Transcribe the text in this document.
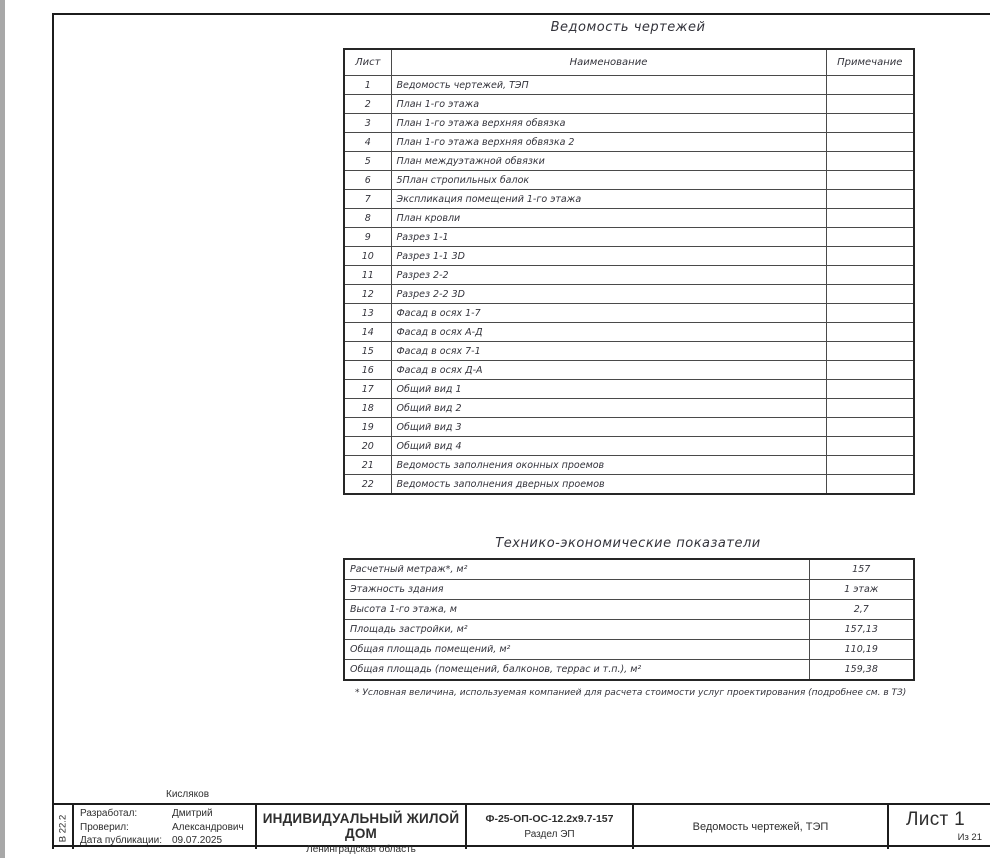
Ведомость чертежей
Лист	Наименование	Примечание
1	Ведомость чертежей, ТЭП	
2	План 1-го этажа	
3	План 1-го этажа верхняя обвязка	
4	План 1-го этажа верхняя обвязка 2	
5	План междуэтажной обвязки	
6	5План стропильных балок	
7	Экспликация помещений 1-го этажа	
8	План кровли	
9	Разрез 1-1	
10	Разрез 1-1 3D	
11	Разрез 2-2	
12	Разрез 2-2 3D	
13	Фасад в осях 1-7	
14	Фасад в осях А-Д	
15	Фасад в осях 7-1	
16	Фасад в осях Д-А	
17	Общий вид 1	
18	Общий вид 2	
19	Общий вид 3	
20	Общий вид 4	
21	Ведомость заполнения оконных проемов	
22	Ведомость заполнения дверных проемов	
Технико-экономические показатели
Расчетный метраж*, м²	157
Этажность здания	1 этаж
Высота 1-го этажа, м	2,7
Площадь застройки, м²	157,13
Общая площадь помещений, м²	110,19
Общая площадь (помещений, балконов, террас и т.п.), м²	159,38
* Условная величина, используемая компанией для расчета стоимости услуг проектирования (подробнее см. в ТЗ)
Кисляков
В 22.2
Разработал:	Дмитрий
Проверил:	Александрович
Дата публикации:	09.07.2025
ИНДИВИДУАЛЬНЫЙ ЖИЛОЙ ДОМ
Ленинградская область
Ф-25-ОП-ОС-12.2x9.7-157
Раздел ЭП
Ведомость чертежей, ТЭП	Лист 1
Из 21
